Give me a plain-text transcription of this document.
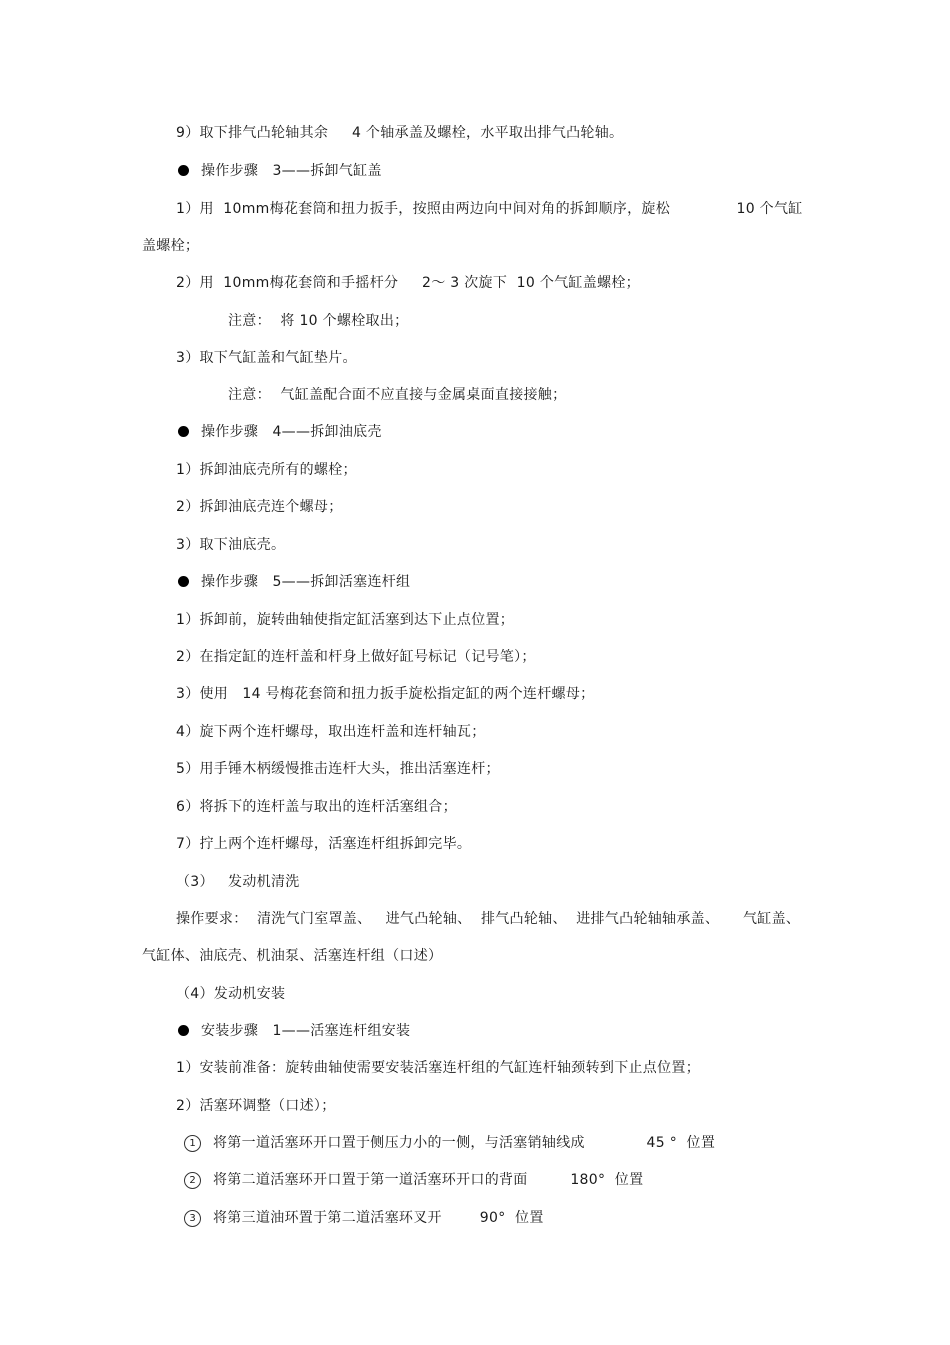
9）取下排气凸轮轴其余     4 个轴承盖及螺栓，水平取出排气凸轮轴。
操作步骤   3——拆卸气缸盖
1）用  10mm梅花套筒和扭力扳手，按照由两边向中间对角的拆卸顺序，旋松              10 个气缸
盖螺栓；
2）用  10mm梅花套筒和手摇杆分     2～ 3 次旋下  10 个气缸盖螺栓；
注意：  将 10 个螺栓取出；
3）取下气缸盖和气缸垫片。
注意：  气缸盖配合面不应直接与金属桌面直接接触；
操作步骤   4——拆卸油底壳
1）拆卸油底壳所有的螺栓；
2）拆卸油底壳连个螺母；
3）取下油底壳。
操作步骤   5——拆卸活塞连杆组
1）拆卸前，旋转曲轴使指定缸活塞到达下止点位置；
2）在指定缸的连杆盖和杆身上做好缸号标记（记号笔）；
3）使用   14 号梅花套筒和扭力扳手旋松指定缸的两个连杆螺母；
4）旋下两个连杆螺母，取出连杆盖和连杆轴瓦；
5）用手锤木柄缓慢推击连杆大头，推出活塞连杆；
6）将拆下的连杆盖与取出的连杆活塞组合；
7）拧上两个连杆螺母，活塞连杆组拆卸完毕。
（3）   发动机清洗
操作要求：  清洗气门室罩盖、   进气凸轮轴、  排气凸轮轴、  进排气凸轮轴轴承盖、     气缸盖、
气缸体、油底壳、机油泵、活塞连杆组（口述）
（4）发动机安装
安装步骤   1——活塞连杆组安装
1）安装前准备：旋转曲轴使需要安装活塞连杆组的气缸连杆轴颈转到下止点位置；
2）活塞环调整（口述）；
1 将第一道活塞环开口置于侧压力小的一侧，与活塞销轴线成             45 °  位置
2 将第二道活塞环开口置于第一道活塞环开口的背面         180°  位置
3 将第三道油环置于第二道活塞环叉开        90°  位置
